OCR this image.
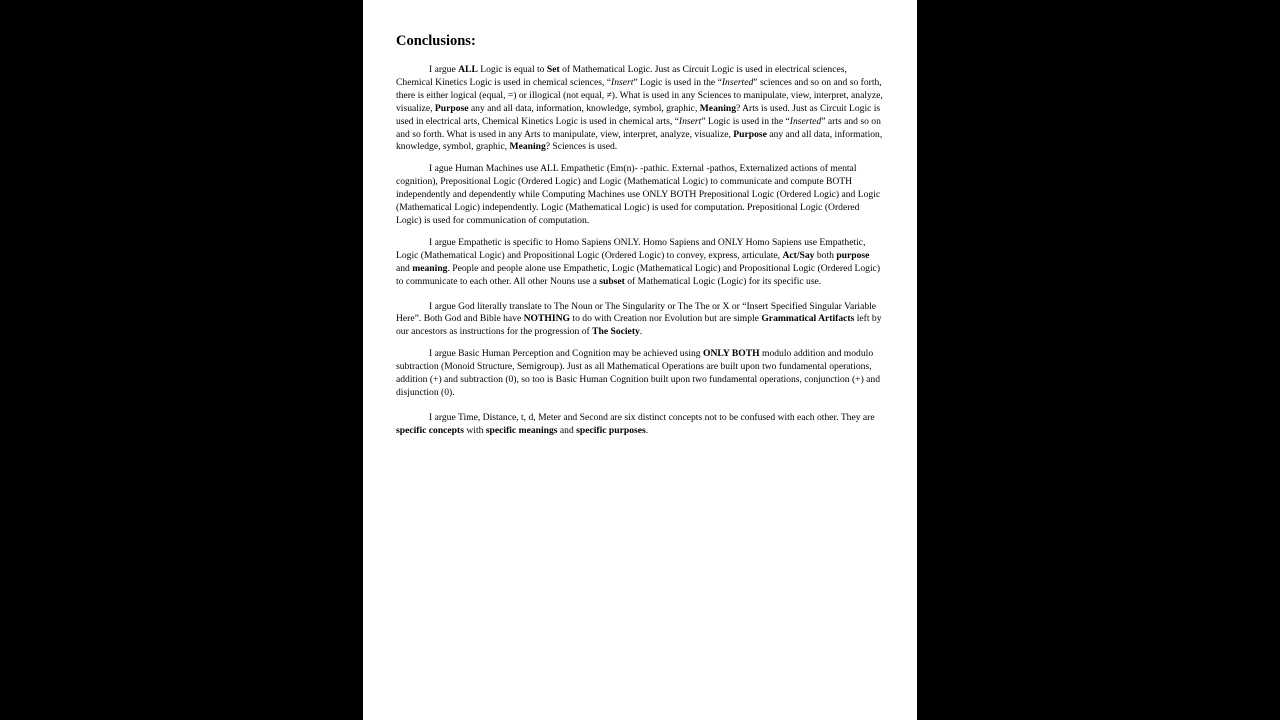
Conclusions:

I argue ALL Logic is equal to Set of Mathematical Logic. Just as Circuit Logic is used in electrical sciences, Chemical Kinetics Logic is used in chemical sciences, “Insert” Logic is used in the “Inserted” sciences and so on and so forth, there is either logical (equal, =) or illogical (not equal, ≠). What is used in any Sciences to manipulate, view, interpret, analyze, visualize, Purpose any and all data, information, knowledge, symbol, graphic, Meaning? Arts is used. Just as Circuit Logic is used in electrical arts, Chemical Kinetics Logic is used in chemical arts, “Insert” Logic is used in the “Inserted” arts and so on and so forth. What is used in any Arts to manipulate, view, interpret, analyze, visualize, Purpose any and all data, information, knowledge, symbol, graphic, Meaning? Sciences is used.

I ague Human Machines use ALL Empathetic (Em(n)- -pathic. External -pathos, Externalized actions of mental cognition), Prepositional Logic (Ordered Logic) and Logic (Mathematical Logic) to communicate and compute BOTH independently and dependently while Computing Machines use ONLY BOTH Prepositional Logic (Ordered Logic) and Logic (Mathematical Logic) independently. Logic (Mathematical Logic) is used for computation. Prepositional Logic (Ordered Logic) is used for communication of computation.

I argue Empathetic is specific to Homo Sapiens ONLY. Homo Sapiens and ONLY Homo Sapiens use Empathetic, Logic (Mathematical Logic) and Propositional Logic (Ordered Logic) to convey, express, articulate, Act/Say both purpose and meaning. People and people alone use Empathetic, Logic (Mathematical Logic) and Propositional Logic (Ordered Logic) to communicate to each other. All other Nouns use a subset of Mathematical Logic (Logic) for its specific use.

I argue God literally translate to The Noun or The Singularity or The The or X or “Insert Specified Singular Variable Here”. Both God and Bible have NOTHING to do with Creation nor Evolution but are simple Grammatical Artifacts left by our ancestors as instructions for the progression of The Society.

I argue Basic Human Perception and Cognition may be achieved using ONLY BOTH modulo addition and modulo subtraction (Monoid Structure, Semigroup). Just as all Mathematical Operations are built upon two fundamental operations, addition (+) and subtraction (0), so too is Basic Human Cognition built upon two fundamental operations, conjunction (+) and disjunction (0).

I argue Time, Distance, t, d, Meter and Second are six distinct concepts not to be confused with each other. They are specific concepts with specific meanings and specific purposes.
